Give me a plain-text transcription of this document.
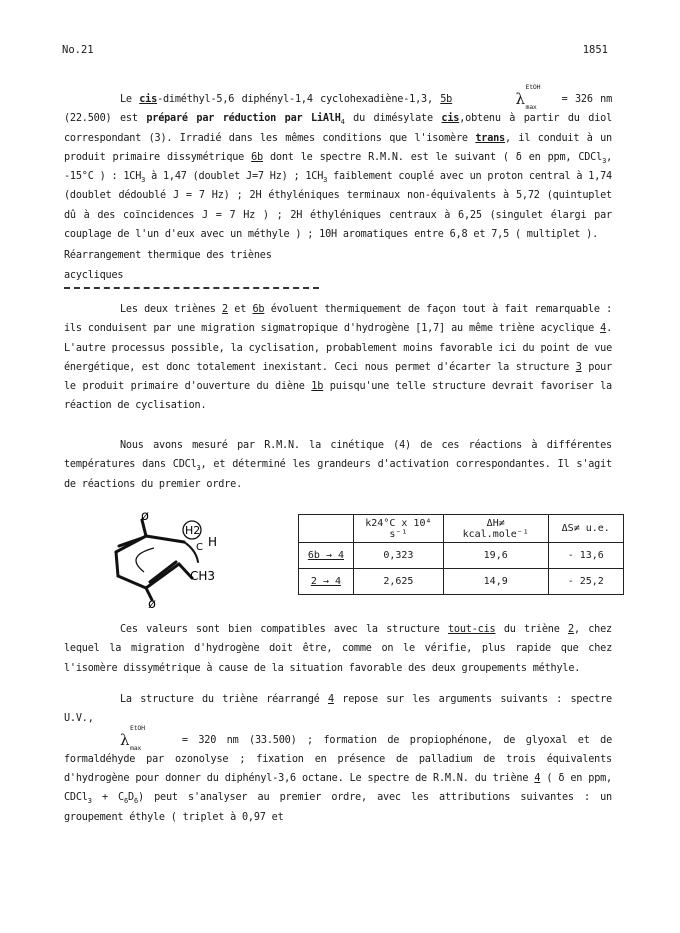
No.21	1851

Le cis-diméthyl-5,6 diphényl-1,4 cyclohexadiène-1,3, 5b	λ
EtOH
max
= 326 nm (22.500) est préparé par réduction par LiAlH$_4$ du dimésylate cis,obtenu à partir du diol correspondant (3). Irradié dans les mêmes conditions que l'isomère trans, il conduit à un produit primaire dissymétrique 6b dont le spectre R.M.N. est le suivant ( δ en ppm, CDCl$_3$, -15°C ) : $1CH_3$ à 1,47 (doublet J=7 Hz) ; $1CH_3$ faiblement couplé avec un proton central à 1,74 (doublet dédoublé J = 7 Hz) ; 2H éthyléniques terminaux non-équivalents à 5,72 (quintuplet dû à des coïncidences J = 7 Hz ) ; 2H éthyléniques centraux à 6,25 (singulet élargi par couplage de l'un d'eux avec un méthyle ) ; 10H aromatiques entre 6,8 et 7,5 ( multiplet ).

Réarrangement thermique des triènes acycliques

Les deux triènes 2 et 6b évoluent thermiquement de façon tout à fait remarquable : ils conduisent par une migration sigmatropique d'hydrogène [1,7] au même triène acyclique 4. L'autre processus possible, la cyclisation, probablement moins favorable ici du point de vue énergétique, est donc totalement inexistant. Ceci nous permet d'écarter la structure 3 pour le produit primaire d'ouverture du diène 1b puisqu'une telle structure devrait favoriser la réaction de cyclisation.

Nous avons mesuré par R.M.N. la cinétique (4) de ces réactions à différentes températures dans CDCl$_3$, et déterminé les grandeurs d'activation correspondantes. Il s'agit de réactions du premier ordre.

ø
ø
H2
C H
CH3
	k24°C x 10⁴ s⁻¹	ΔH≠ kcal.mole⁻¹	ΔS≠ u.e.
6b → 4	0,323	19,6	- 13,6
2 → 4	2,625	14,9	- 25,2

Ces valeurs sont bien compatibles avec la structure tout-cis du triène 2, chez lequel la migration d'hydrogène doit être, comme on le vérifie, plus rapide que chez l'isomère dissymétrique à cause de la situation favorable des deux groupements méthyle.

La structure du triène réarrangé 4 repose sur les arguments suivants : spectre U.V.,
λ
EtOH
max
= 320 nm (33.500) ; formation de propiophénone, de glyoxal et de formaldéhyde par ozonolyse ; fixation en présence de palladium de trois équivalents d'hydrogène pour donner du diphényl-3,6 octane. Le spectre de R.M.N. du triène 4 ( δ en ppm, CDCl$_3$ + $C_6D_6$) peut s'analyser au premier ordre, avec les attributions suivantes : un groupement éthyle ( triplet à 0,97 et
